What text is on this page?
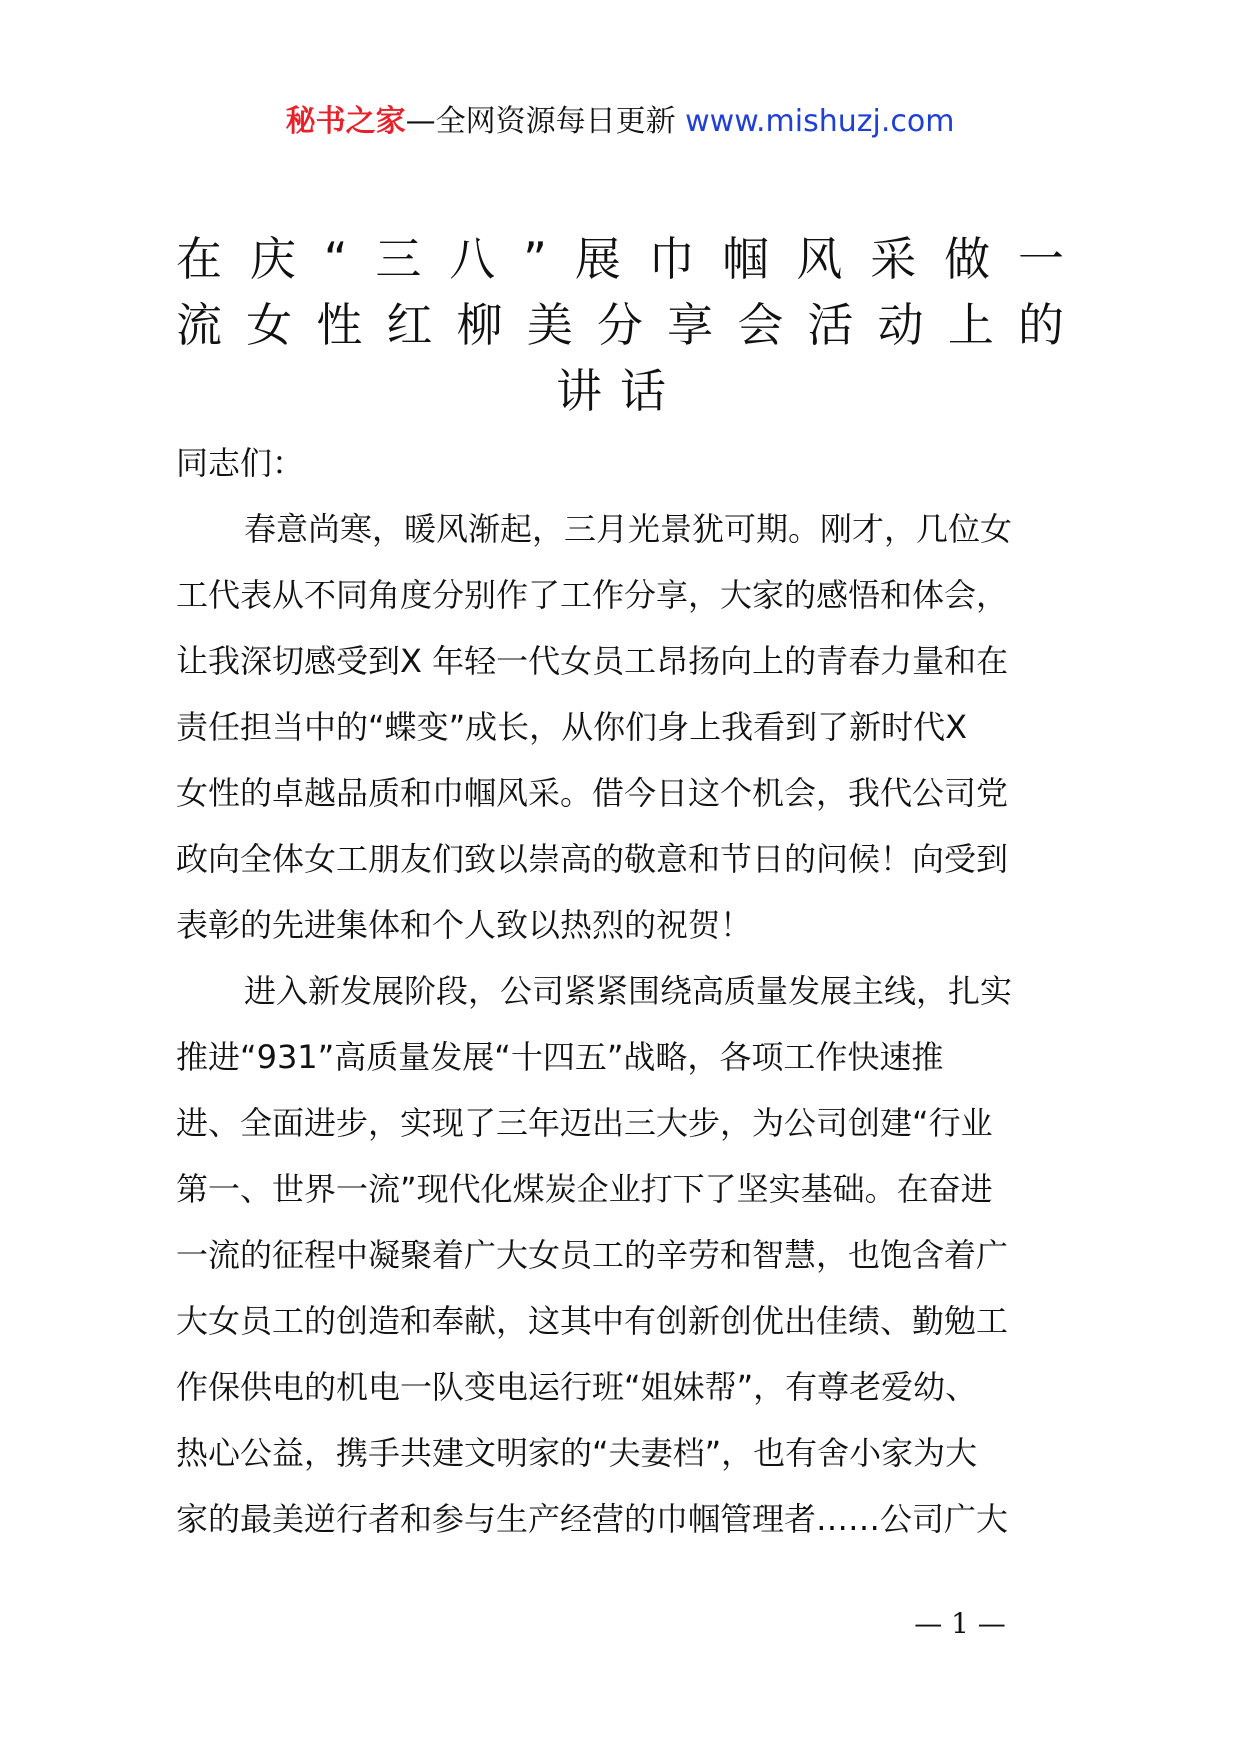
秘书之家—全网资源每日更新 www.mishuzj.com
在庆“三八”展巾帼风采做一
流女性红柳美分享会活动上的
讲话
同志们：
春意尚寒，暖风渐起，三月光景犹可期。刚才，几位女
工代表从不同角度分别作了工作分享，大家的感悟和体会，
让我深切感受到X 年轻一代女员工昂扬向上的青春力量和在
责任担当中的“蝶变”成长，从你们身上我看到了新时代X
女性的卓越品质和巾帼风采。借今日这个机会，我代公司党
政向全体女工朋友们致以崇高的敬意和节日的问候！向受到
表彰的先进集体和个人致以热烈的祝贺！
进入新发展阶段，公司紧紧围绕高质量发展主线，扎实
推进“931”高质量发展“十四五”战略，各项工作快速推
进、全面进步，实现了三年迈出三大步，为公司创建“行业
第一、世界一流”现代化煤炭企业打下了坚实基础。在奋进
一流的征程中凝聚着广大女员工的辛劳和智慧，也饱含着广
大女员工的创造和奉献，这其中有创新创优出佳绩、勤勉工
作保供电的机电一队变电运行班“姐妹帮”，有尊老爱幼、
热心公益，携手共建文明家的“夫妻档”，也有舍小家为大
家的最美逆行者和参与生产经营的巾帼管理者……公司广大
— 1 —
